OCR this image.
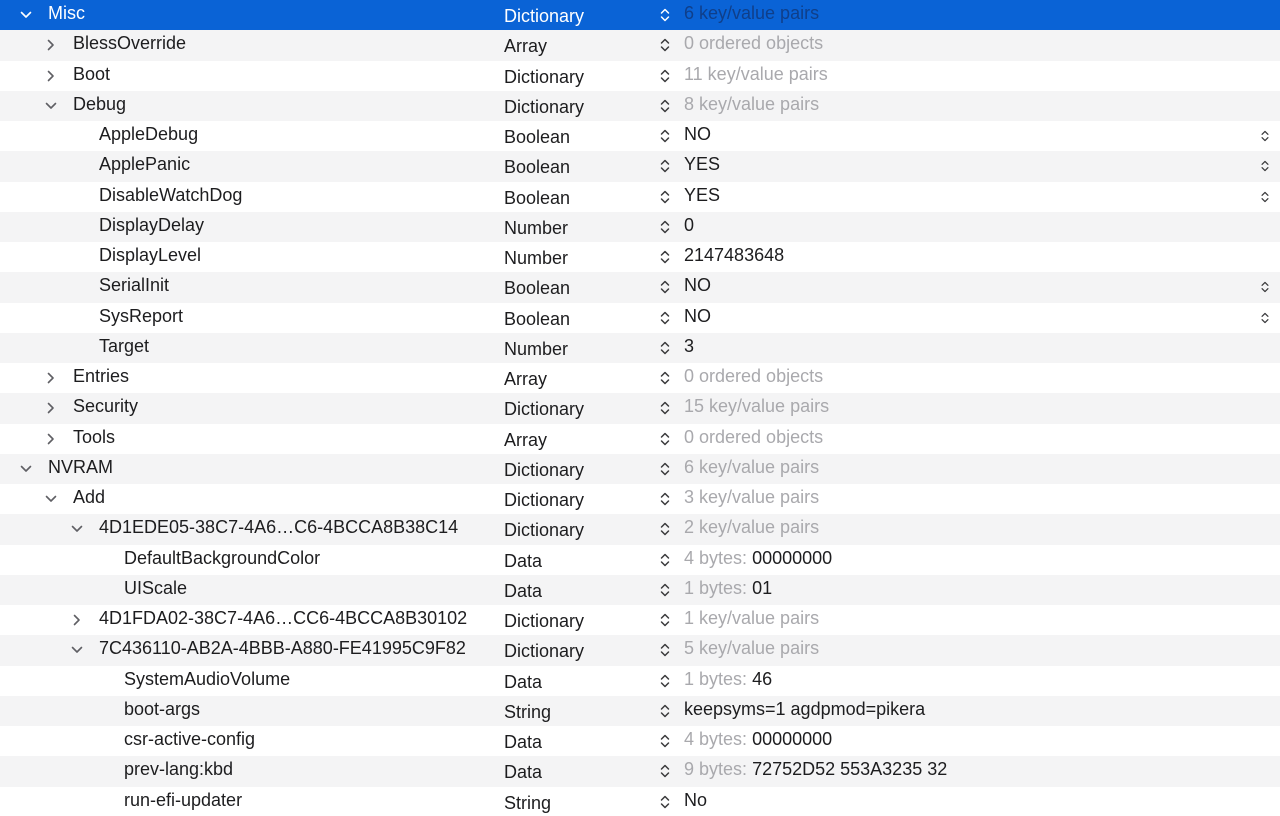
Misc	Dictionary	6 key/value pairs
BlessOverride	Array	0 ordered objects
Boot	Dictionary	11 key/value pairs
Debug	Dictionary	8 key/value pairs
AppleDebug	Boolean	NO
ApplePanic	Boolean	YES
DisableWatchDog	Boolean	YES
DisplayDelay	Number	0
DisplayLevel	Number	2147483648
SerialInit	Boolean	NO
SysReport	Boolean	NO
Target	Number	3
Entries	Array	0 ordered objects
Security	Dictionary	15 key/value pairs
Tools	Array	0 ordered objects
NVRAM	Dictionary	6 key/value pairs
Add	Dictionary	3 key/value pairs
4D1EDE05-38C7-4A6…C6-4BCCA8B38C14	Dictionary	2 key/value pairs
DefaultBackgroundColor	Data	4 bytes: 00000000
UIScale	Data	1 bytes: 01
4D1FDA02-38C7-4A6…CC6-4BCCA8B30102 Dictionary	1 key/value pairs
7C436110-AB2A-4BBB-A880-FE41995C9F82 Dictionary	5 key/value pairs
SystemAudioVolume	Data	1 bytes: 46
boot-args	String	keepsyms=1 agdpmod=pikera
csr-active-config	Data	4 bytes: 00000000
prev-lang:kbd	Data	9 bytes: 72752D52 553A3235 32
run-efi-updater	String	No
